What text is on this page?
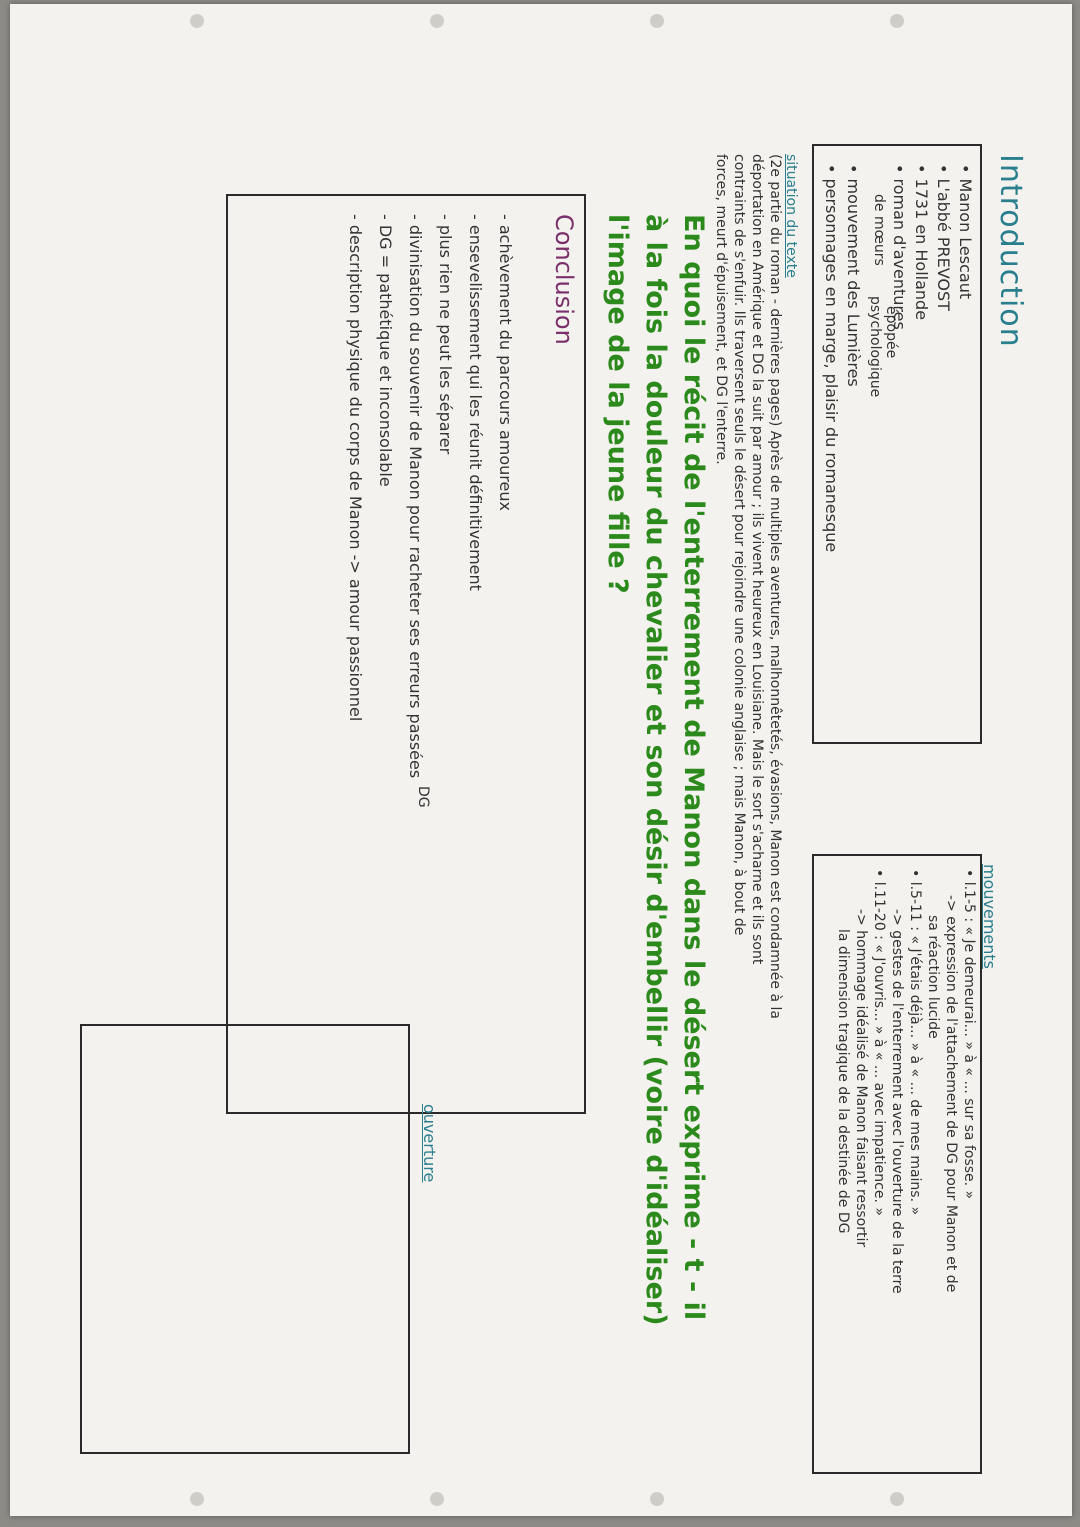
Introduction
• Manon Lescaut
• L'abbé PREVOST
• 1731 en Hollande
• roman d'aventures
de mœurs
épopée
psychologique
• mouvement des Lumières
• personnages en marge, plaisir du romanesque
mouvements
• l.1-5 : « Je demeurai... » à « ... sur sa fosse. »
-> expression de l'attachement de DG pour Manon et de
sa réaction lucide
• l.5-11 : « J'étais déjà... » à « ... de mes mains. »
-> gestes de l'enterrement avec l'ouverture de la terre
• l.11-20 : « J'ouvris... » à « ... avec impatience. »
-> hommage idéalisé de Manon faisant ressortir
la dimension tragique de la destinée de DG
situation du texte
(2e partie du roman - dernières pages) Après de multiples aventures, malhonnêtetés, évasions, Manon est condamnée à la
déportation en Amérique et DG la suit par amour ; ils vivent heureux en Louisiane. Mais le sort s'acharne et ils sont
contraints de s'enfuir. Ils traversent seuls le désert pour rejoindre une colonie anglaise ; mais Manon, à bout de
forces, meurt d'épuisement, et DG l'enterre.
En quoi le récit de l'enterrement de Manon dans le désert exprime - t - il
à la fois la douleur du chevalier et son désir d'embellir (voire d'idéaliser)
l'image de la jeune fille ?
Conclusion
- achèvement du parcours amoureux
- ensevelissement qui les réunit définitivement
- plus rien ne peut les séparer
- divinisation du souvenir de Manon pour racheter ses erreurs passées
- DG = pathétique et inconsolable
- description physique du corps de Manon -> amour passionnel
DG
ouverture
